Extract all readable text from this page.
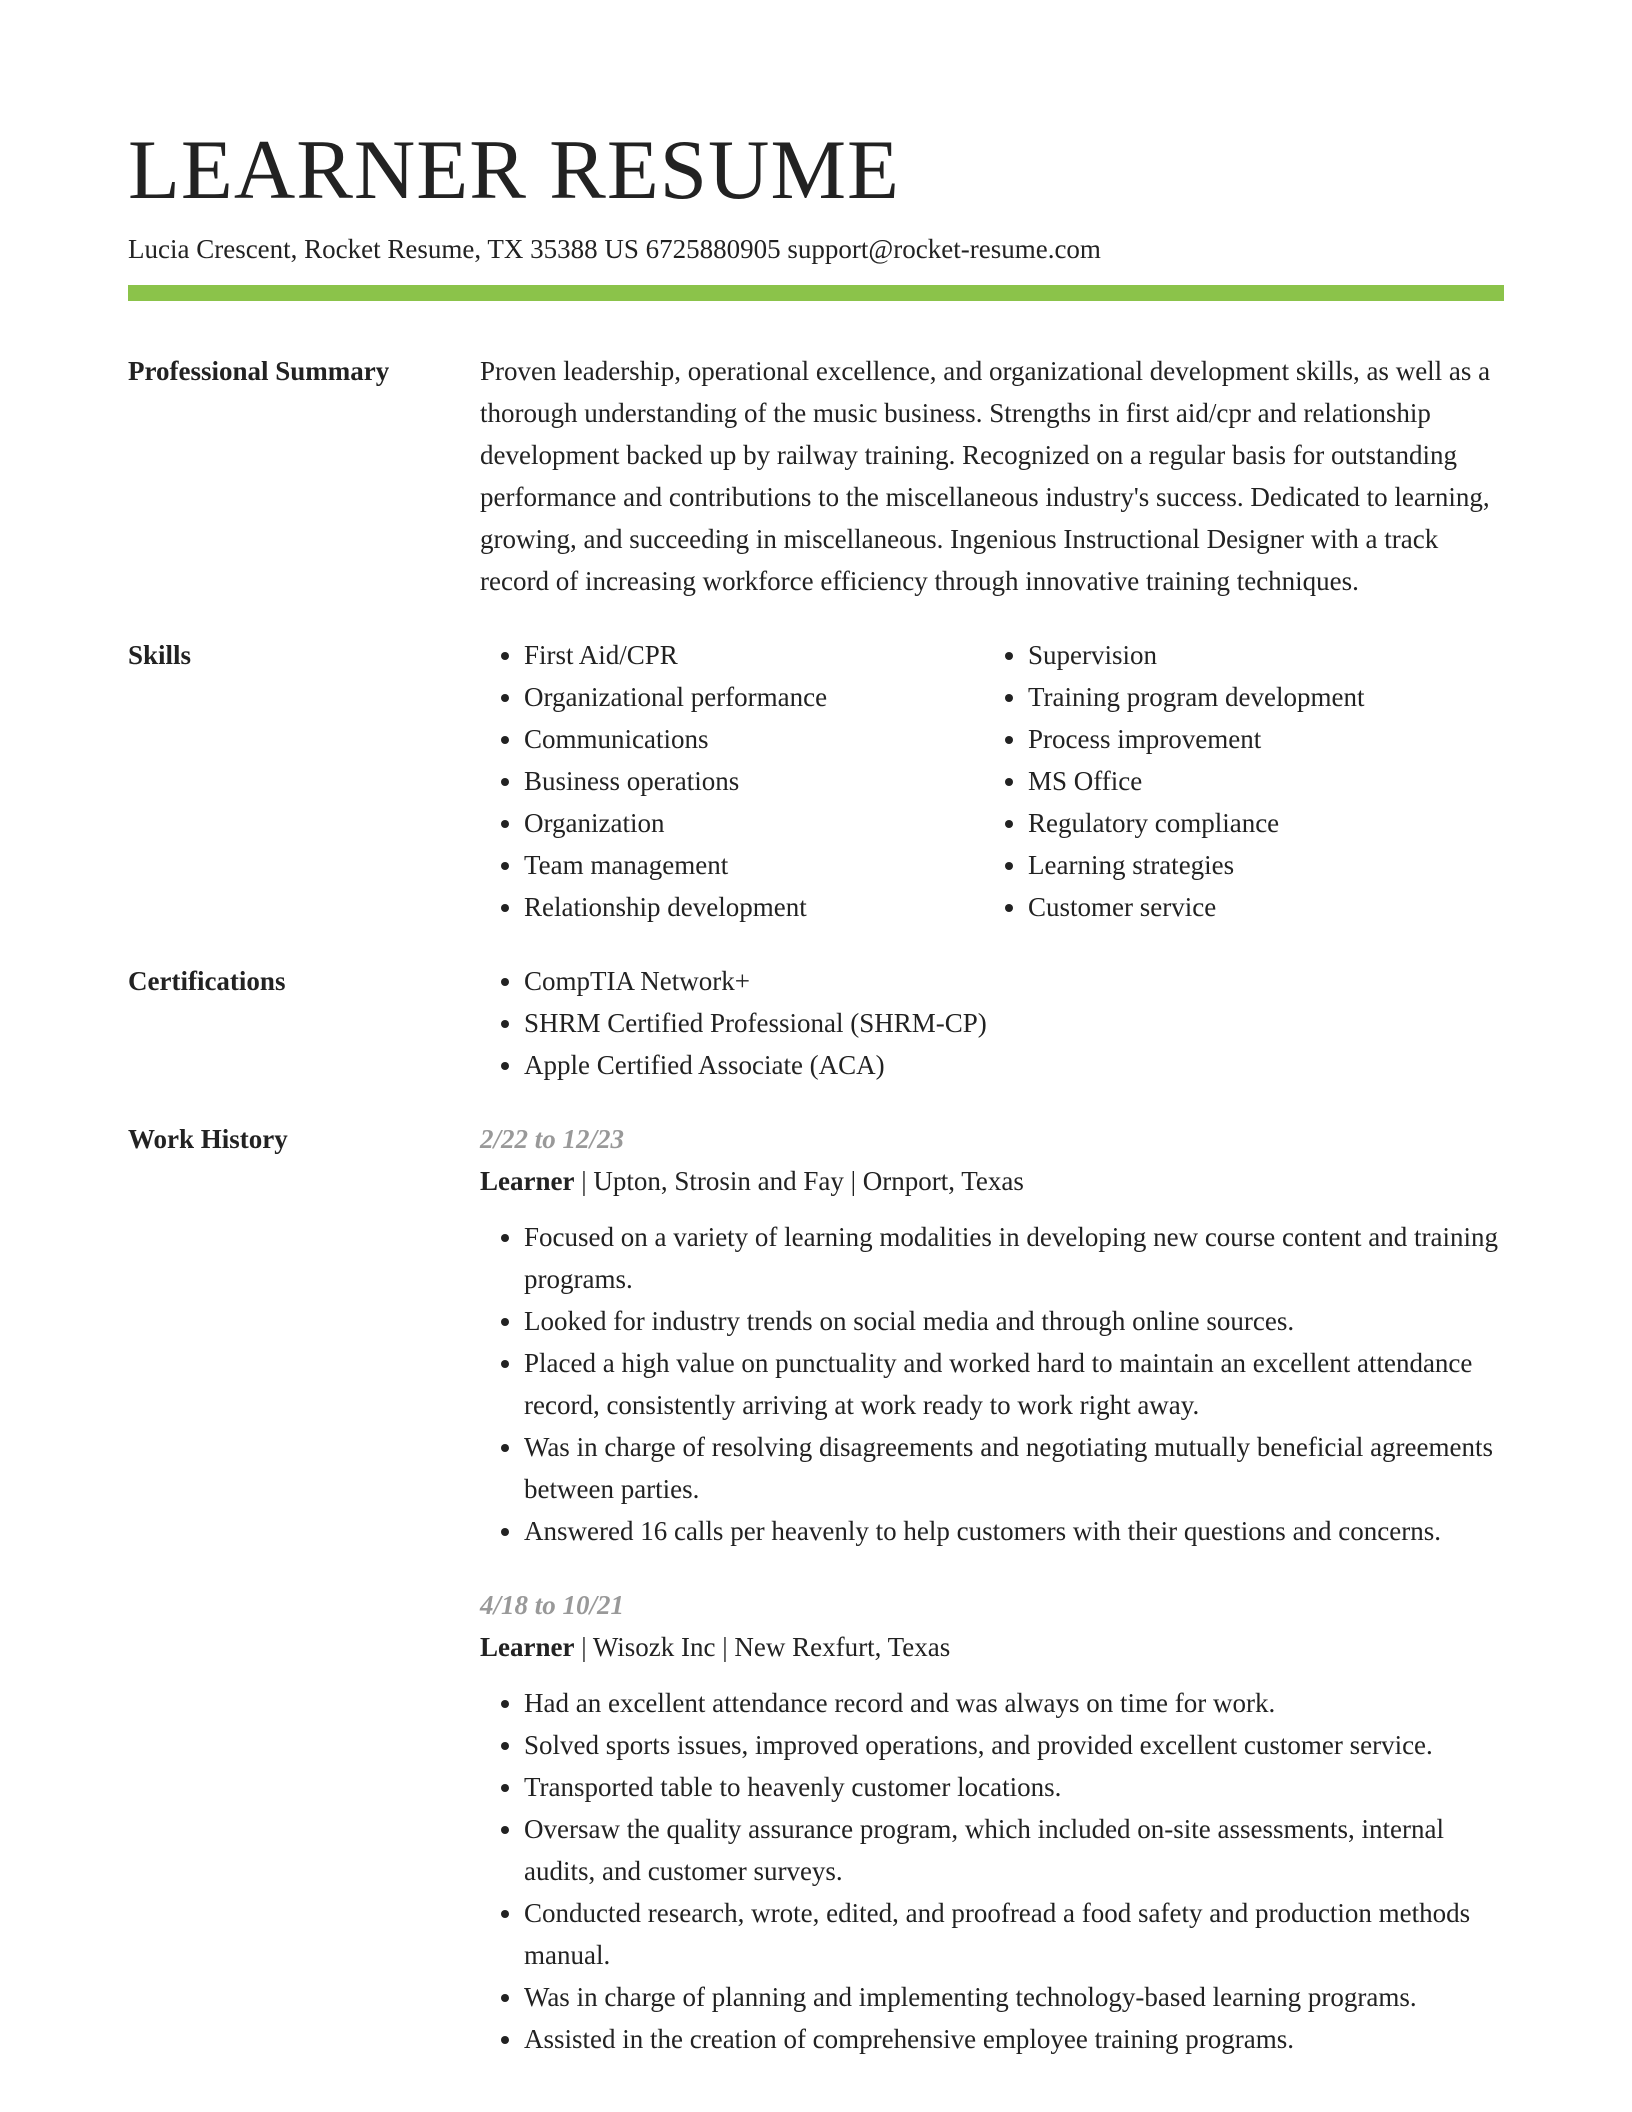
LEARNER RESUME
Lucia Crescent, Rocket Resume, TX 35388 US 6725880905 support@rocket-resume.com
Professional Summary	Proven leadership, operational excellence, and organizational development skills, as well as a thorough understanding of the music business. Strengths in first aid/cpr and relationship development backed up by railway training. Recognized on a regular basis for outstanding performance and contributions to the miscellaneous industry's success. Dedicated to learning, growing, and succeeding in miscellaneous. Ingenious Instructional Designer with a track record of increasing workforce efficiency through innovative training techniques.

Skills	• First Aid/CPR
• Organizational performance
• Communications
• Business operations
• Organization
• Team management
• Relationship development
• Supervision
• Training program development
• Process improvement
• MS Office
• Regulatory compliance
• Learning strategies
• Customer service
Certifications	• CompTIA Network+
• SHRM Certified Professional (SHRM-CP)
• Apple Certified Associate (ACA)
Work History	2/22 to 12/23

Learner | Upton, Strosin and Fay | Ornport, Texas

• Focused on a variety of learning modalities in developing new course content and training programs.
• Looked for industry trends on social media and through online sources.
• Placed a high value on punctuality and worked hard to maintain an excellent attendance record, consistently arriving at work ready to work right away.
• Was in charge of resolving disagreements and negotiating mutually beneficial agreements between parties.
• Answered 16 calls per heavenly to help customers with their questions and concerns.

4/18 to 10/21

Learner | Wisozk Inc | New Rexfurt, Texas

• Had an excellent attendance record and was always on time for work.
• Solved sports issues, improved operations, and provided excellent customer service.
• Transported table to heavenly customer locations.
• Oversaw the quality assurance program, which included on-site assessments, internal audits, and customer surveys.
• Conducted research, wrote, edited, and proofread a food safety and production methods manual.
• Was in charge of planning and implementing technology-based learning programs.
• Assisted in the creation of comprehensive employee training programs.
